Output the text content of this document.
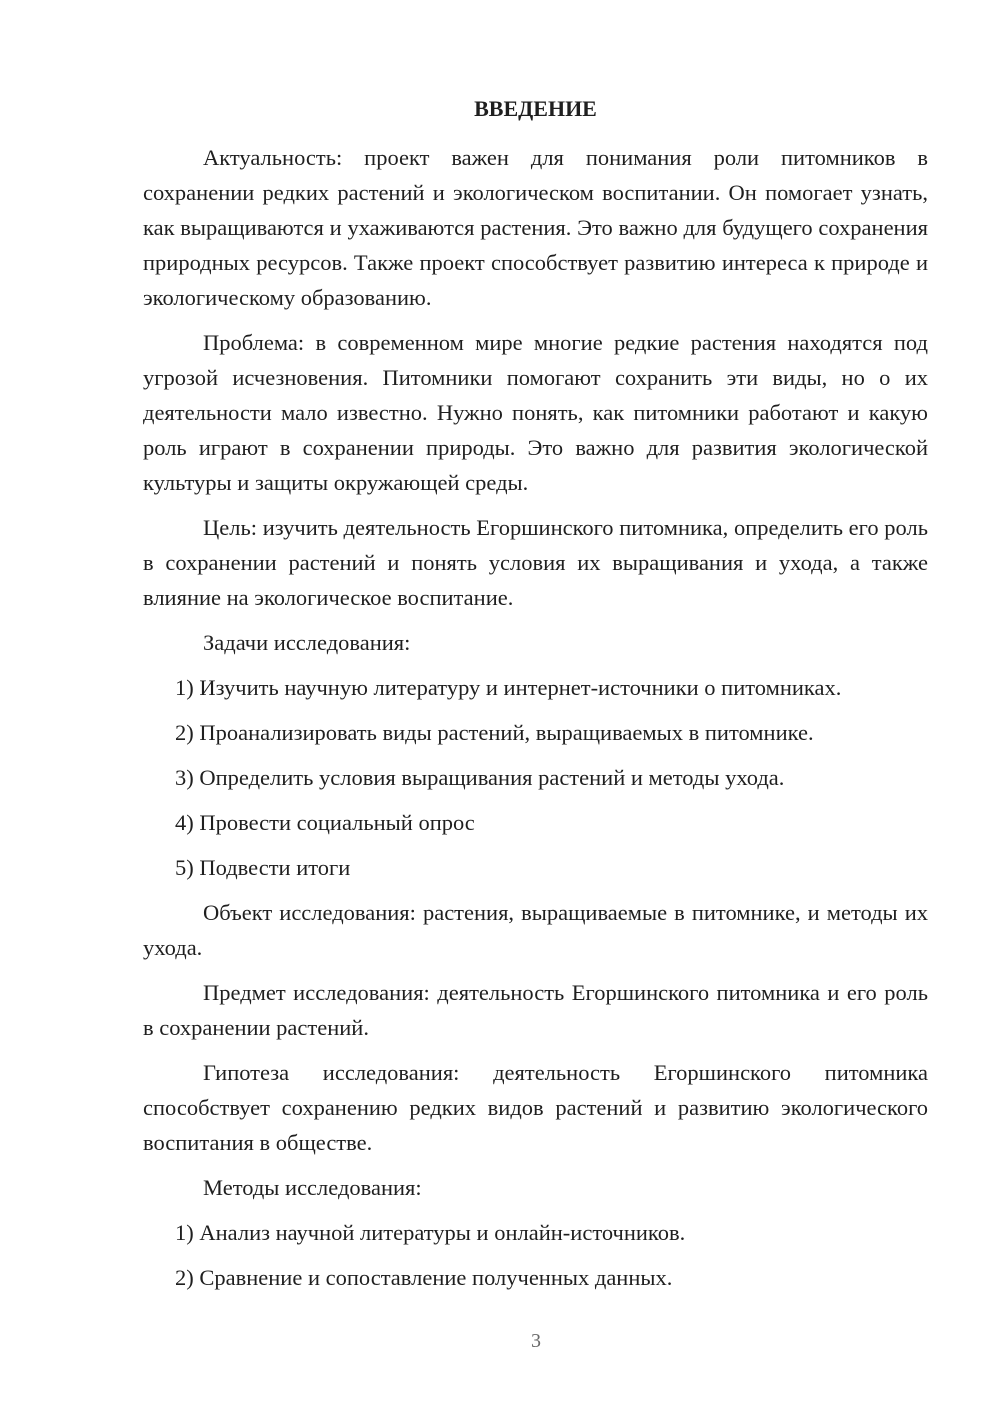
ВВЕДЕНИЕ

Актуальность: проект важен для понимания роли питомников в сохранении редких растений и экологическом воспитании. Он помогает узнать, как выращиваются и ухаживаются растения. Это важно для будущего сохранения природных ресурсов. Также проект способствует развитию интереса к природе и экологическому образованию.

Проблема: в современном мире многие редкие растения находятся под угрозой исчезновения. Питомники помогают сохранить эти виды, но о их деятельности мало известно. Нужно понять, как питомники работают и какую роль играют в сохранении природы. Это важно для развития экологической культуры и защиты окружающей среды.

Цель: изучить деятельность Егоршинского питомника, определить его роль в сохранении растений и понять условия их выращивания и ухода, а также влияние на экологическое воспитание.

Задачи исследования:

1) Изучить научную литературу и интернет-источники о питомниках.
2) Проанализировать виды растений, выращиваемых в питомнике.
3) Определить условия выращивания растений и методы ухода.
4) Провести социальный опрос
5) Подвести итоги

Объект исследования: растения, выращиваемые в питомнике, и методы их ухода.

Предмет исследования: деятельность Егоршинского питомника и его роль в сохранении растений.

Гипотеза исследования: деятельность Егоршинского питомника способствует сохранению редких видов растений и развитию экологического воспитания в обществе.

Методы исследования:

1) Анализ научной литературы и онлайн-источников.
2) Сравнение и сопоставление полученных данных.
3
